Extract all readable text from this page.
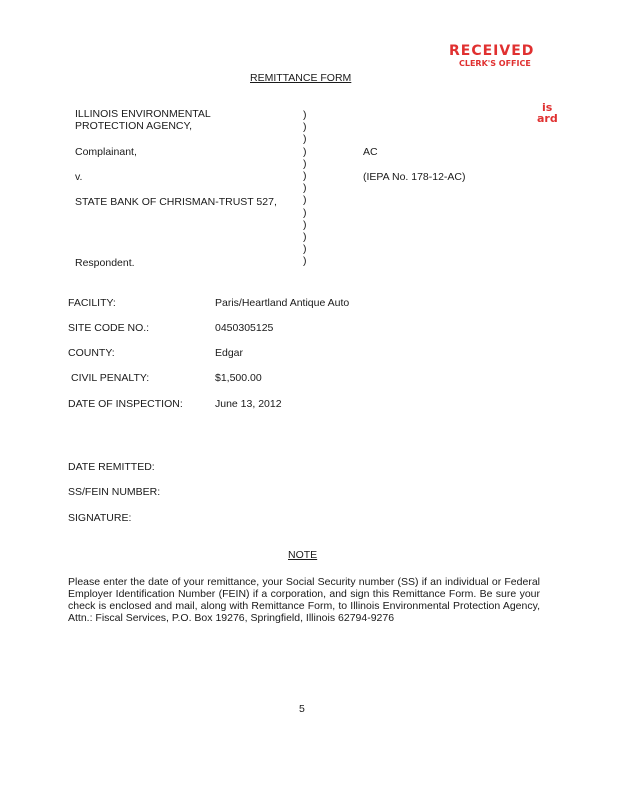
RECEIVED
CLERK'S OFFICE
is
ard
REMITTANCE FORM
ILLINOIS ENVIRONMENTAL
PROTECTION AGENCY,
Complainant,
v.
STATE BANK OF CHRISMAN-TRUST 527,
Respondent.
)
)
)
)
)
)
)
)
)
)
)
)
)
AC
(IEPA No. 178-12-AC)
FACILITY:	Paris/Heartland Antique Auto
SITE CODE NO.:	0450305125
COUNTY:	Edgar
CIVIL PENALTY:	$1,500.00
DATE OF INSPECTION:	June 13, 2012
DATE REMITTED:
SS/FEIN NUMBER:
SIGNATURE:
NOTE
Please enter the date of your remittance, your Social Security number (SS) if an individual or Federal Employer Identification Number (FEIN) if a corporation, and sign this Remittance Form. Be sure your check is enclosed and mail, along with Remittance Form, to Illinois Environmental Protection Agency, Attn.: Fiscal Services, P.O. Box 19276, Springfield, Illinois 62794-9276
5
